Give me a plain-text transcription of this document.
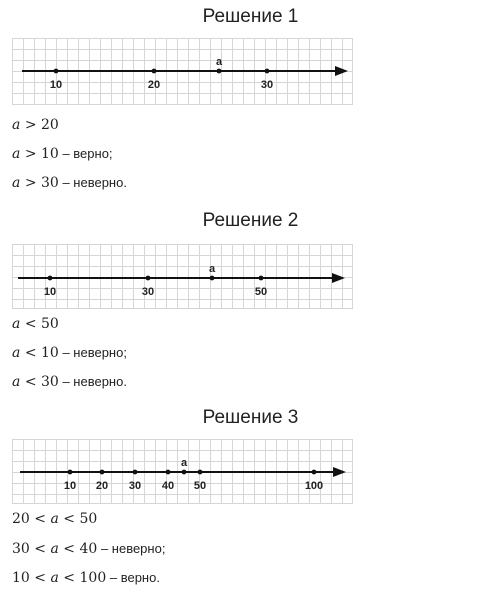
Решение 1
10	20	30
a
a > 20
a > 10 – верно;
a > 30 – неверно.
Решение 2
10	30	50
a
a < 50
a < 10 – неверно;
a < 30 – неверно.
Решение 3
10 20 30 40 50	100
a
20 < a < 50
30 < a < 40 – неверно;
10 < a < 100 – верно.
